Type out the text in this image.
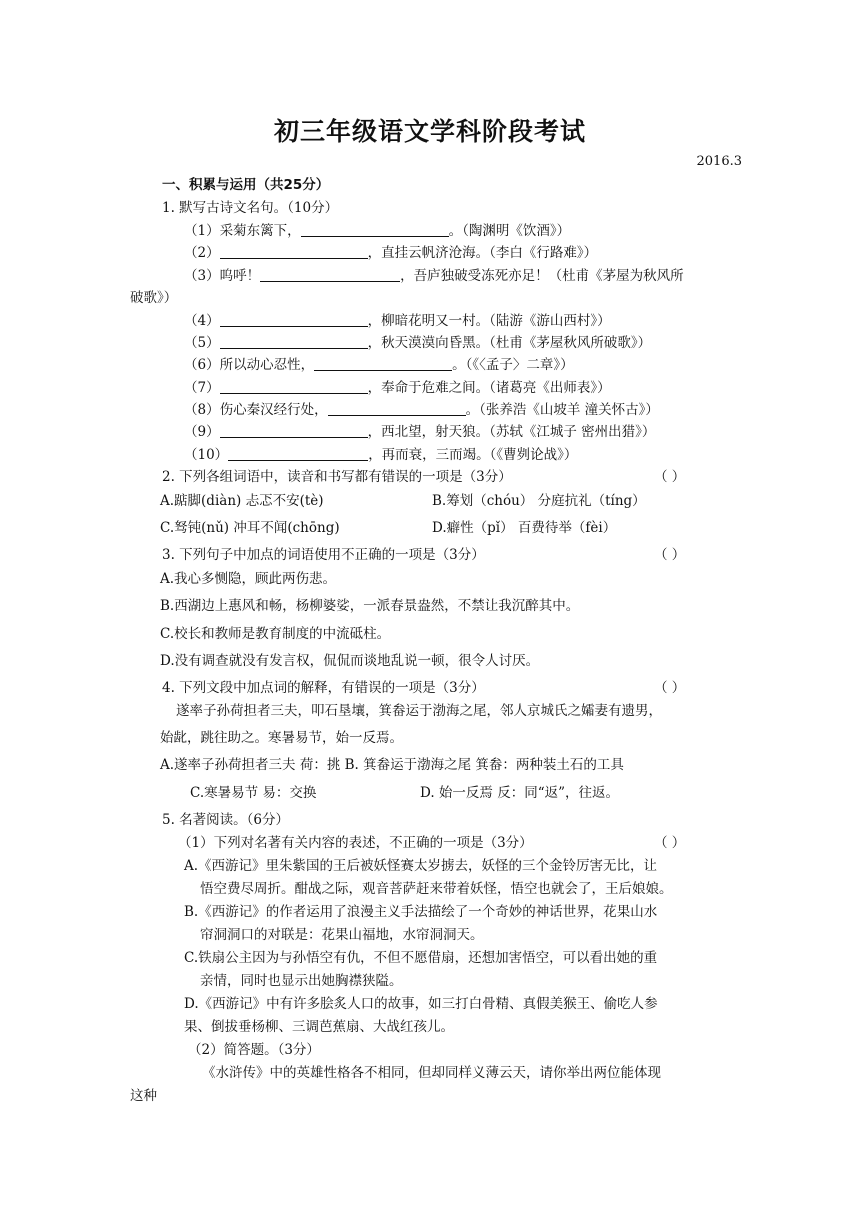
初三年级语文学科阶段考试
2016.3
一、积累与运用（共25分）
1. 默写古诗文名句。（10分）
（1）采菊东篱下，	。（陶渊明《饮酒》）
（2）	，直挂云帆济沧海。（李白《行路难》）
（3）呜呼！	，吾庐独破受冻死亦足！（杜甫《茅屋为秋风所
破歌》）
（4）	，柳暗花明又一村。（陆游《游山西村》）
（5）	，秋天漠漠向昏黑。（杜甫《茅屋秋风所破歌》）
（6）所以动心忍性，	。（《〈孟子〉二章》）
（7）	，奉命于危难之间。（诸葛亮《出师表》）
（8）伤心秦汉经行处，	。（张养浩《山坡羊 潼关怀古》）
（9）	，西北望，射天狼。（苏轼《江城子 密州出猎》）
（10）	，再而衰，三而竭。（《曹刿论战》）
2. 下列各组词语中，读音和书写都有错误的一项是（3分）	（ ）
A.踮脚(diàn) 忐忑不安(tè)	B.筹划（chóu） 分庭抗礼（tíng）
C.驽钝(nǔ) 冲耳不闻(chōng)	D.癖性（pǐ） 百费待举（fèi）
3. 下列句子中加点的词语使用不正确的一项是（3分）	（ ）
A.我心多恻隐，顾此两伤悲。
B.西湖边上惠风和畅，杨柳婆娑，一派春景盎然，不禁让我沉醉其中。
C.校长和教师是教育制度的中流砥柱。
D.没有调查就没有发言权，侃侃而谈地乱说一顿，很令人讨厌。
4. 下列文段中加点词的解释，有错误的一项是（3分）	（ ）
遂率子孙荷担者三夫，叩石垦壤，箕畚运于渤海之尾，邻人京城氏之孀妻有遗男，
始龀，跳往助之。寒暑易节，始一反焉。
A.遂率子孙荷担者三夫 荷：挑 B. 箕畚运于渤海之尾 箕畚：两种装土石的工具
C.寒暑易节 易：交换	D. 始一反焉 反：同“返”，往返。
5. 名著阅读。（6分）
（1）下列对名著有关内容的表述，不正确的一项是（3分）	（ ）
A.《西游记》里朱紫国的王后被妖怪赛太岁掳去，妖怪的三个金铃厉害无比，让
悟空费尽周折。酣战之际，观音菩萨赶来带着妖怪，悟空也就会了，王后娘娘。
B.《西游记》的作者运用了浪漫主义手法描绘了一个奇妙的神话世界，花果山水
帘洞洞口的对联是：花果山福地，水帘洞洞天。
C.铁扇公主因为与孙悟空有仇，不但不愿借扇，还想加害悟空，可以看出她的重
亲情，同时也显示出她胸襟狭隘。
D.《西游记》中有许多脍炙人口的故事，如三打白骨精、真假美猴王、偷吃人参
果、倒拔垂杨柳、三调芭蕉扇、大战红孩儿。
（2）简答题。（3分）
《水浒传》中的英雄性格各不相同，但却同样义薄云天，请你举出两位能体现
这种
